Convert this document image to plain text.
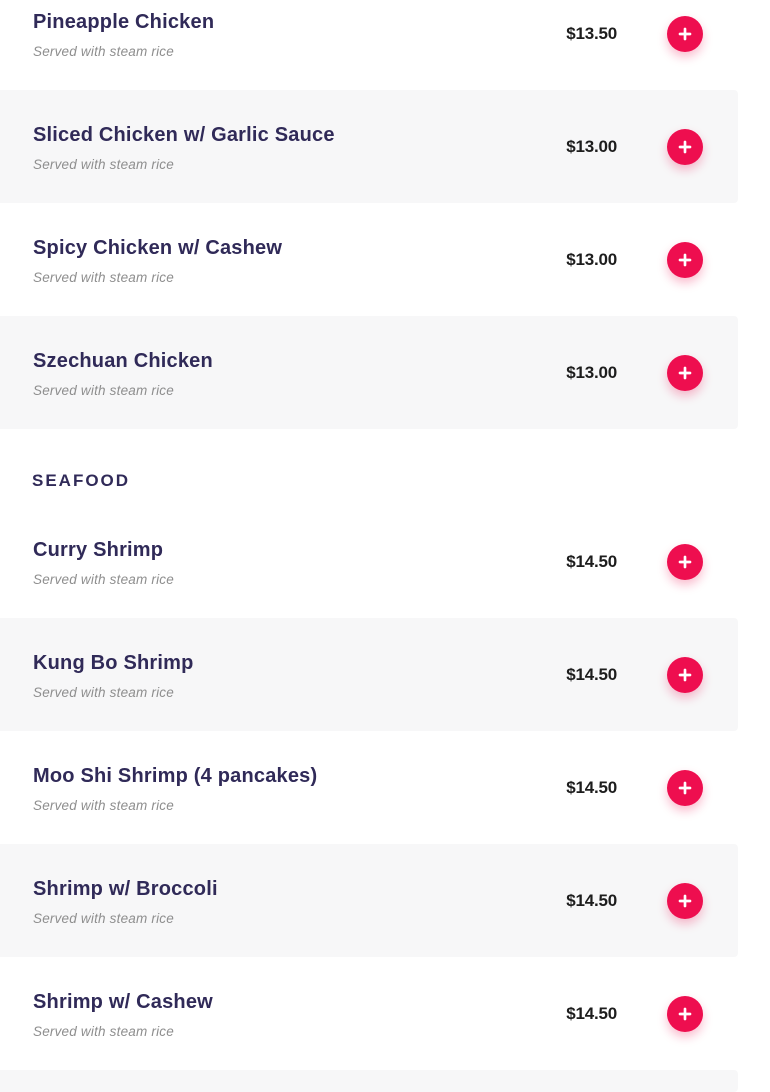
Pineapple Chicken
Served with steam rice
$13.50
Sliced Chicken w/ Garlic Sauce
Served with steam rice
$13.00
Spicy Chicken w/ Cashew
Served with steam rice
$13.00
Szechuan Chicken
Served with steam rice
$13.00
SEAFOOD
Curry Shrimp
Served with steam rice
$14.50
Kung Bo Shrimp
Served with steam rice
$14.50
Moo Shi Shrimp (4 pancakes)
Served with steam rice
$14.50
Shrimp w/ Broccoli
Served with steam rice
$14.50
Shrimp w/ Cashew
Served with steam rice
$14.50
